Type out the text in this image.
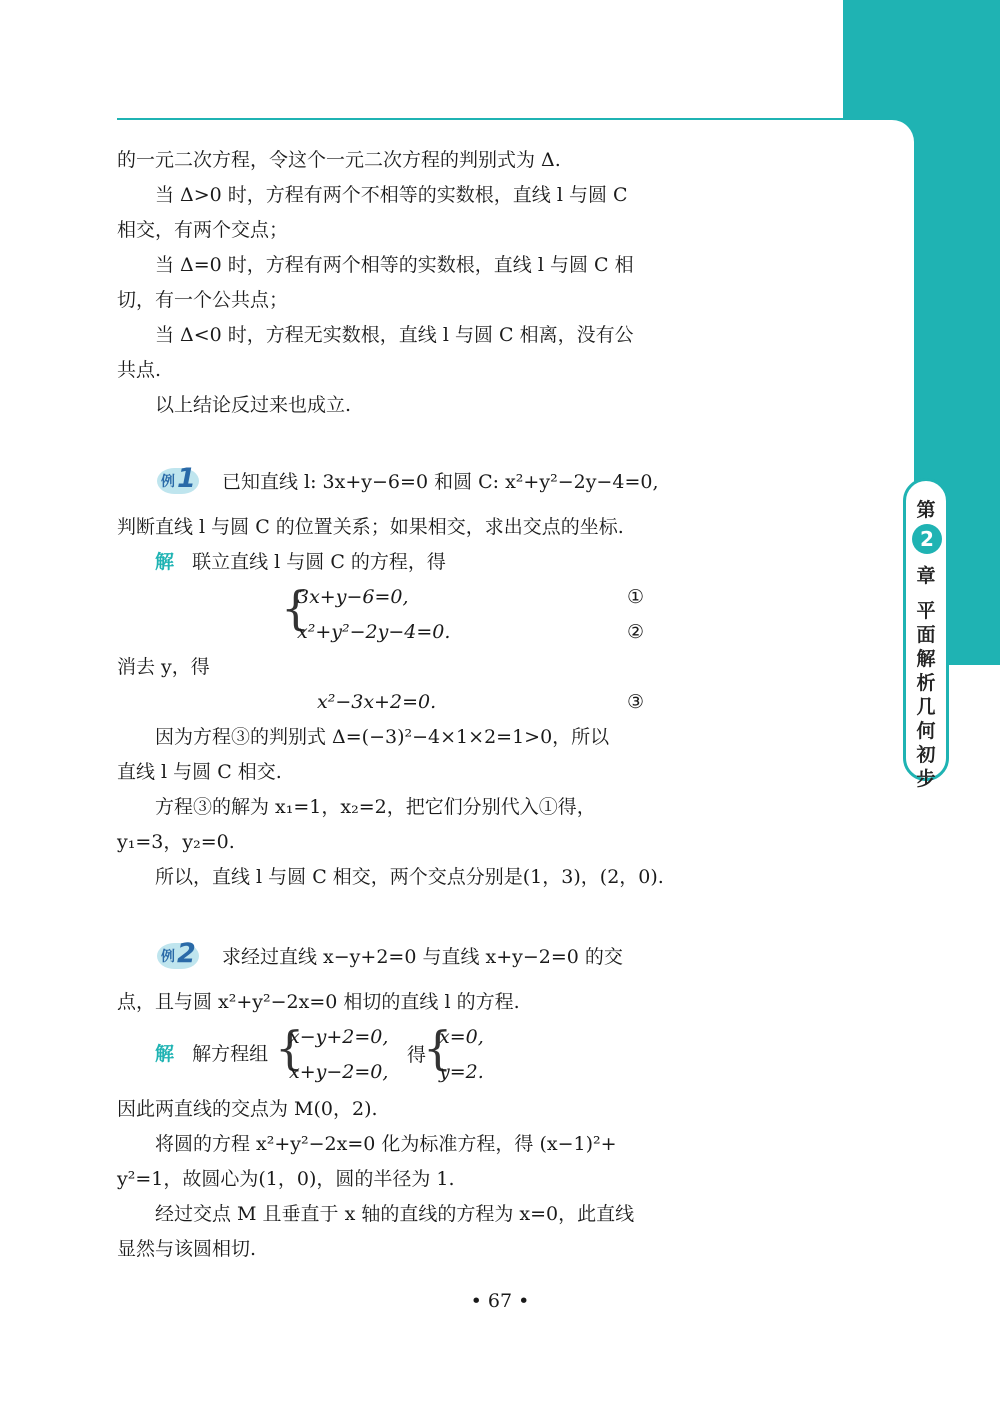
第
2
章
平
面
解
析
几
何
初
步
的一元二次方程，令这个一元二次方程的判别式为 Δ.
当 Δ>0 时，方程有两个不相等的实数根，直线 l 与圆 C
相交，有两个交点；
当 Δ=0 时，方程有两个相等的实数根，直线 l 与圆 C 相
切，有一个公共点；
当 Δ<0 时，方程无实数根，直线 l 与圆 C 相离，没有公
共点.
以上结论反过来也成立.
例 1 已知直线 l: 3x+y−6=0 和圆 C: x²+y²−2y−4=0,
判断直线 l 与圆 C 的位置关系；如果相交，求出交点的坐标.
解 联立直线 l 与圆 C 的方程，得
{
3x+y−6=0,	①
x²+y²−2y−4=0.	②
消去 y，得
x²−3x+2=0.	③
因为方程③的判别式 Δ=(−3)²−4×1×2=1>0，所以
直线 l 与圆 C 相交.
方程③的解为 x₁=1，x₂=2，把它们分别代入①得，
y₁=3，y₂=0.
所以，直线 l 与圆 C 相交，两个交点分别是(1，3)，(2，0).
例 2 求经过直线 x−y+2=0 与直线 x+y−2=0 的交
点，且与圆 x²+y²−2x=0 相切的直线 l 的方程.
解 解方程组 {
x−y+2=0,
x+y−2=0,
得
{
x=0,
y=2.
因此两直线的交点为 M(0，2).
将圆的方程 x²+y²−2x=0 化为标准方程，得 (x−1)²+
y²=1，故圆心为(1，0)，圆的半径为 1.
经过交点 M 且垂直于 x 轴的直线的方程为 x=0，此直线
显然与该圆相切.
• 67 •
